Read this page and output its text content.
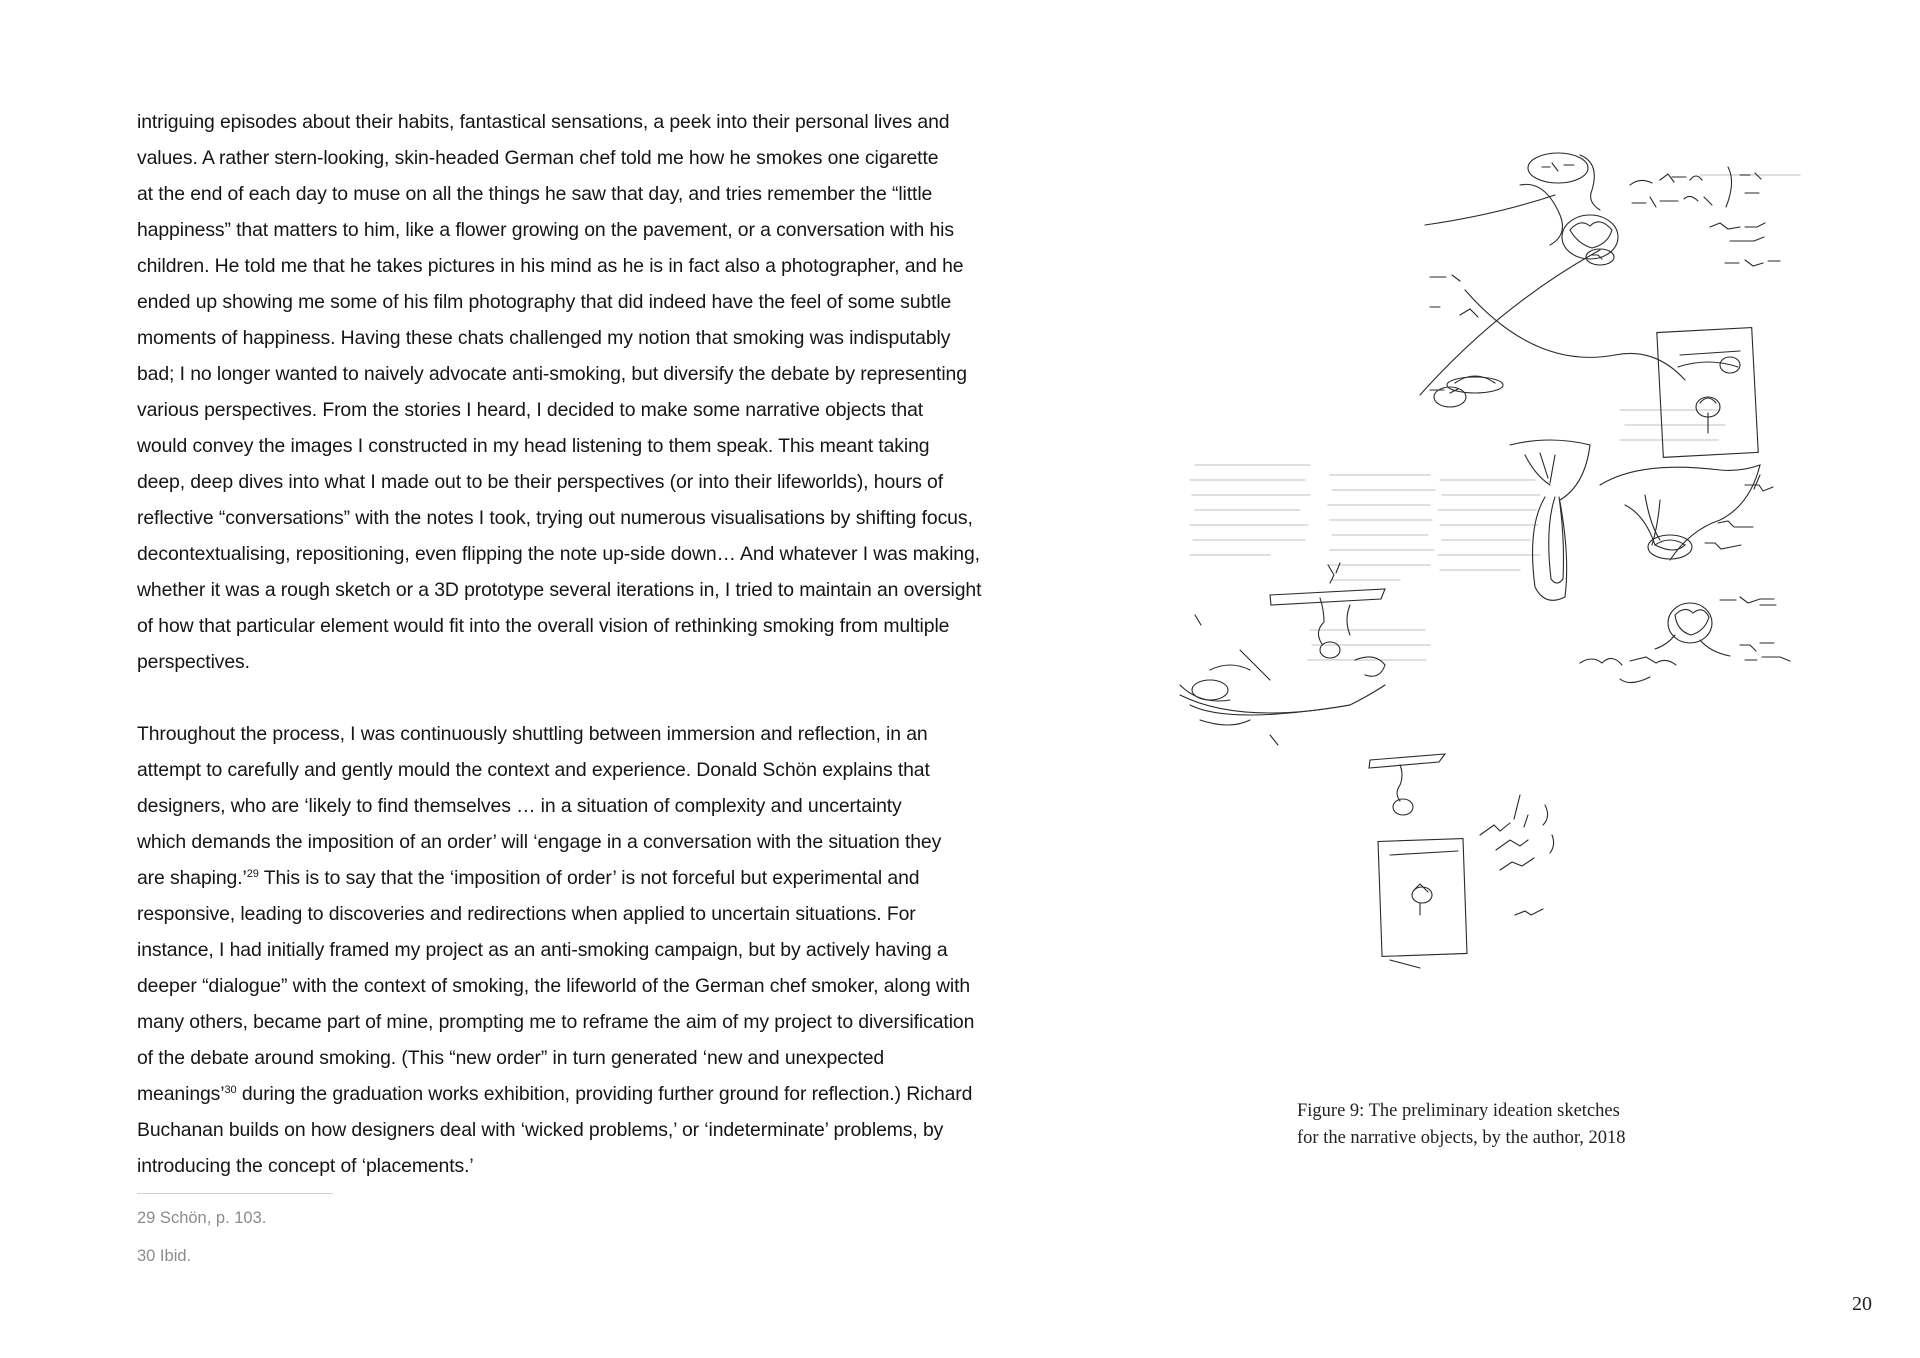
intriguing episodes about their habits, fantastical sensations, a peek into their personal lives and
values. A rather stern-looking, skin-headed German chef told me how he smokes one cigarette
at the end of each day to muse on all the things he saw that day, and tries remember the “little
happiness” that matters to him, like a flower growing on the pavement, or a conversation with his
children. He told me that he takes pictures in his mind as he is in fact also a photographer, and he
ended up showing me some of his film photography that did indeed have the feel of some subtle
moments of happiness. Having these chats challenged my notion that smoking was indisputably
bad; I no longer wanted to naively advocate anti-smoking, but diversify the debate by representing
various perspectives. From the stories I heard, I decided to make some narrative objects that
would convey the images I constructed in my head listening to them speak. This meant taking
deep, deep dives into what I made out to be their perspectives (or into their lifeworlds), hours of
reflective “conversations” with the notes I took, trying out numerous visualisations by shifting focus,
decontextualising, repositioning, even flipping the note up-side down… And whatever I was making,
whether it was a rough sketch or a 3D prototype several iterations in, I tried to maintain an oversight
of how that particular element would fit into the overall vision of rethinking smoking from multiple
perspectives.
Throughout the process, I was continuously shuttling between immersion and reflection, in an
attempt to carefully and gently mould the context and experience. Donald Schön explains that
designers, who are ‘likely to find themselves … in a situation of complexity and uncertainty
which demands the imposition of an order’ will ‘engage in a conversation with the situation they
are shaping.’$^{29}$ This is to say that the ‘imposition of order’ is not forceful but experimental and
responsive, leading to discoveries and redirections when applied to uncertain situations. For
instance, I had initially framed my project as an anti-smoking campaign, but by actively having a
deeper “dialogue” with the context of smoking, the lifeworld of the German chef smoker, along with
many others, became part of mine, prompting me to reframe the aim of my project to diversification
of the debate around smoking. (This “new order” in turn generated ‘new and unexpected
meanings’$^{30}$ during the graduation works exhibition, providing further ground for reflection.) Richard
Buchanan builds on how designers deal with ‘wicked problems,’ or ‘indeterminate’ problems, by
introducing the concept of ‘placements.’
29 Schön, p. 103.
30 Ibid.
Figure 9: The preliminary ideation sketches
for the narrative objects, by the author, 2018
20
